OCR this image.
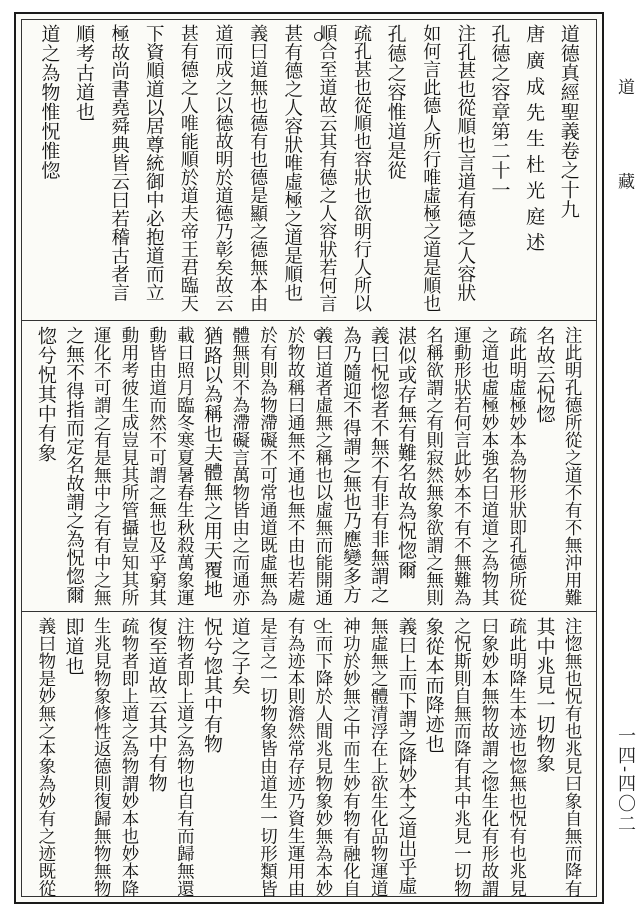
道德真經聖義卷之十九
唐 廣 成 先 生 杜 光 庭 述
孔德之容章第二十一
注孔甚也從順也言道有德之人容狀
如何言此德人所行唯虛極之道是順也
孔德之容惟道是從
疏孔甚也從順也容狀也欲明行人所以
順合至道故云其有德之人容狀若何言
甚有德之人容狀唯虛極之道是順也
義曰道無也德有也德是顯之德無本由
道而成之以德故明於道德乃彰矣故云
甚有德之人唯能順於道夫帝王君臨天
下資順道以居尊統御中必抱道而立
極故尚書堯舜典皆云曰若稽古者言
順考古道也
道之為物惟怳惟惚
注此明孔德所從之道不有不無沖用難
名故云怳惚
疏此明虛極妙本為物形狀即孔德所從
之道也虛極妙本強名曰道道之為物其
運動形狀若何言此妙本不有不無難為
名稱欲謂之有則寂然無象欲謂之無則
湛似或存無有難名故為怳惚爾
義曰怳惚者不無不有非有非無謂之
為乃隨迎不得謂之無也乃應變多方
義曰道者虛無之稱也以虛無而能開通
於物故稱曰通無不通也無不由也若處
於有則為物滯礙不可常通道既虛無為
體無則不為滯礙言萬物皆由之而通亦
猶路以為稱也夫體無之用天覆地
載日照月臨冬寒夏暑春生秋殺萬象運
動皆由道而然不可謂之無也及乎窮其
動用考彼生成豈見其所管攝豈知其所
運化不可謂之有是無中之有有中之無
之無不得指而定名故謂之為怳惚爾
惚兮怳其中有象
注惚無也怳有也兆見曰象自無而降有
其中兆見一切物象
疏此明降生本迹也惚無也怳有也兆見
曰象妙本無物故謂之惚生化有形故謂
之怳斯則自無而降有其中兆見一切物
象從本而降迹也
義曰上而下謂之降妙本之道出乎虛
無虛無之體清浮在上欲生化品物運道
神功於妙無之中而生妙有物有融化自
上而下降於人間兆見物象妙無為本妙
有為迹本則澹然常存迹乃資生運用由
是言之一切物象皆由道生一切形類皆
道之子矣
怳兮惚其中有物
注物者即上道之為物也自有而歸無還
復至道故云其中有物
疏物者即上道之為物謂妙本也妙本降
生兆見物象修性返德則復歸無物無物
即道也
義曰物是妙無之本象為妙有之迹既從
道 藏
一四-四〇二
